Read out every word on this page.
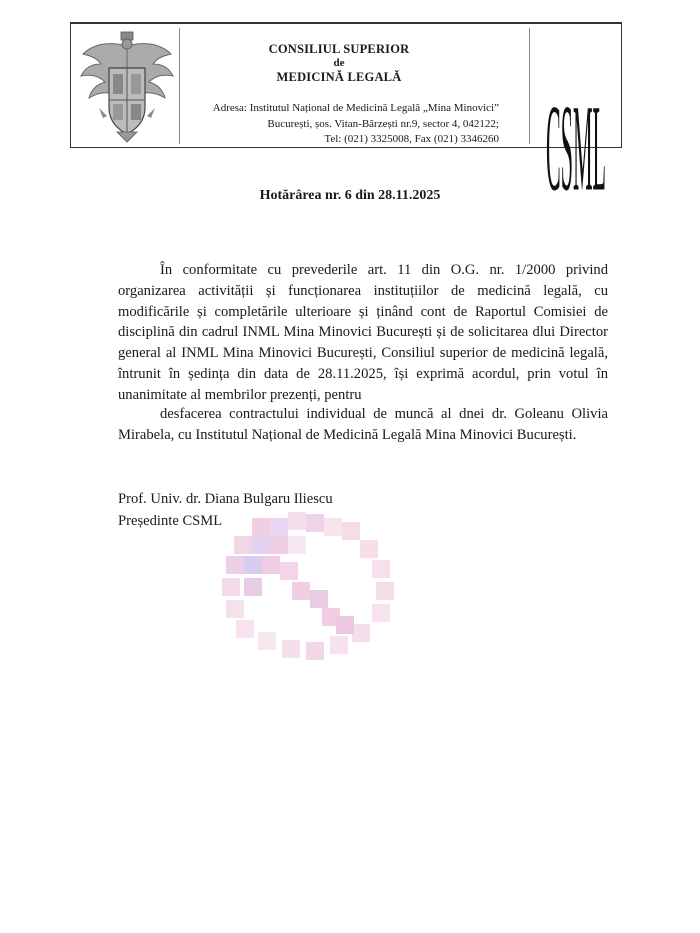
CONSILIUL SUPERIOR
de
MEDICINĂ LEGALĂ
Adresa: Institutul Național de Medicină Legală „Mina Minovici”
București, șos. Vitan-Bârzești nr.9, sector 4, 042122;
Tel: (021) 3325008, Fax (021) 3346260 CSML
Hotărârea nr. 6 din 28.11.2025
În conformitate cu prevederile art. 11 din O.G. nr. 1/2000 privind organizarea activității și funcționarea instituțiilor de medicină legală, cu modificările și completările ulterioare și ținând cont de Raportul Comisiei de disciplină din cadrul INML Mina Minovici București și de solicitarea dlui Director general al INML Mina Minovici București, Consiliul superior de medicină legală, întrunit în ședința din data de 28.11.2025, își exprimă acordul, prin votul în unanimitate al membrilor prezenți, pentru
desfacerea contractului individual de muncă al dnei dr. Goleanu Olivia Mirabela, cu Institutul Național de Medicină Legală Mina Minovici București.
Prof. Univ. dr. Diana Bulgaru Iliescu
Președinte CSML
